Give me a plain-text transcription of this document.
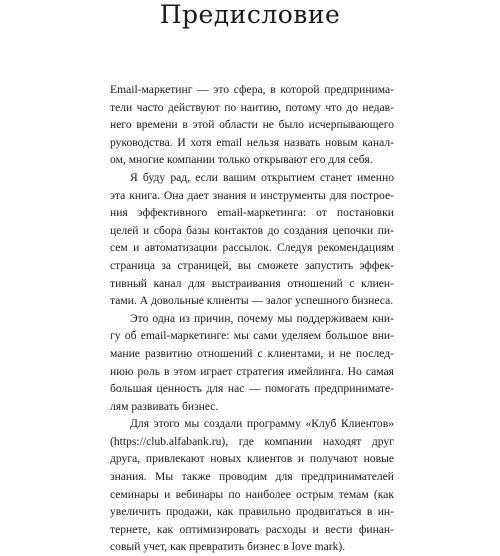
Предисловие

Email-маркетинг — это сфера, в которой предпринима-
тели часто действуют по наитию, потому что до недав-
него времени в этой области не было исчерпывающего
руководства. И хотя email нельзя назвать новым канал-
ом, многие компании только открывают его для себя.

Я буду рад, если вашим открытием станет именно
эта книга. Она дает знания и инструменты для построе-
ния эффективного email-маркетинга: от постановки
целей и сбора базы контактов до создания цепочки пи-
сем и автоматизации рассылок. Следуя рекомендациям
страница за страницей, вы сможете запустить эффек-
тивный канал для выстраивания отношений с клиен-
тами. А довольные клиенты — залог успешного бизнеса.

Это одна из причин, почему мы поддерживаем кни-
гу об email-маркетинге: мы сами уделяем большое вни-
мание развитию отношений с клиентами, и не послед-
нюю роль в этом играет стратегия имейлинга. Но самая
большая ценность для нас — помогать предпринимате-
лям развивать бизнес.

Для этого мы создали программу «Клуб Клиентов»
(https://club.alfabank.ru), где компании находят друг
друга, привлекают новых клиентов и получают новые
знания. Мы также проводим для предпринимателей
семинары и вебинары по наиболее острым темам (как
увеличить продажи, как правильно продвигаться в ин-
тернете, как оптимизировать расходы и вести финан-
совый учет, как превратить бизнес в love mark).
